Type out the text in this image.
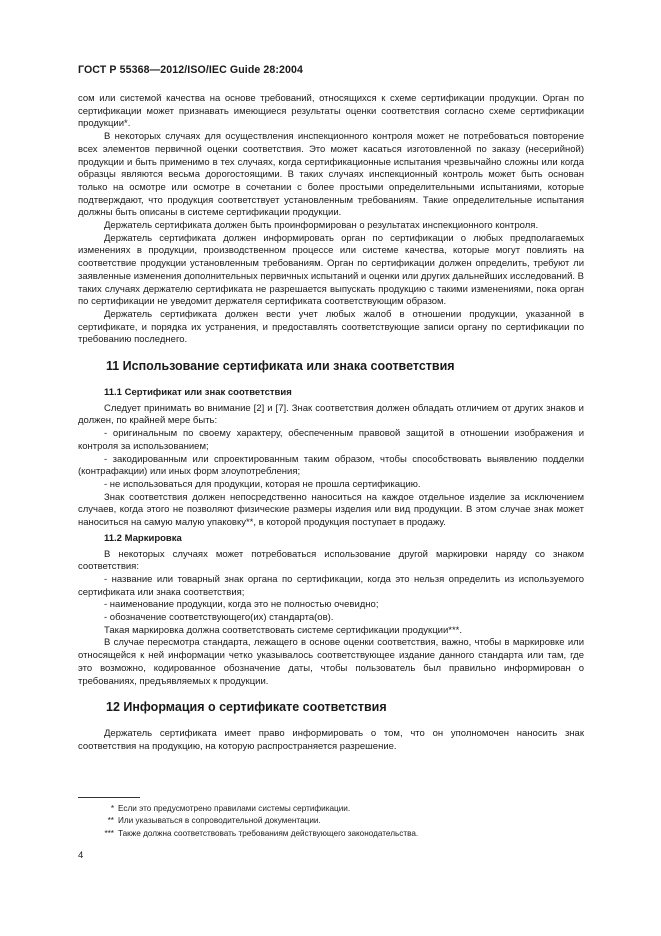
ГОСТ Р 55368—2012/ISO/IEC Guide 28:2004

сом или системой качества на основе требований, относящихся к схеме сертификации продукции. Орган по сертификации может признавать имеющиеся результаты оценки соответствия согласно схеме сертификации продукции*.

В некоторых случаях для осуществления инспекционного контроля может не потребоваться повторение всех элементов первичной оценки соответствия. Это может касаться изготовленной по заказу (несерийной) продукции и быть применимо в тех случаях, когда сертификационные испытания чрезвычайно сложны или когда образцы являются весьма дорогостоящими. В таких случаях инспекционный контроль может быть основан только на осмотре или осмотре в сочетании с более простыми определительными испытаниями, которые подтверждают, что продукция соответствует установленным требованиям. Такие определительные испытания должны быть описаны в системе сертификации продукции.

Держатель сертификата должен быть проинформирован о результатах инспекционного контроля.

Держатель сертификата должен информировать орган по сертификации о любых предполагаемых изменениях в продукции, производственном процессе или системе качества, которые могут повлиять на соответствие продукции установленным требованиям. Орган по сертификации должен определить, требуют ли заявленные изменения дополнительных первичных испытаний и оценки или других дальнейших исследований. В таких случаях держателю сертификата не разрешается выпускать продукцию с такими изменениями, пока орган по сертификации не уведомит держателя сертификата соответствующим образом.

Держатель сертификата должен вести учет любых жалоб в отношении продукции, указанной в сертификате, и порядка их устранения, и предоставлять соответствующие записи органу по сертификации по требованию последнего.

11 Использование сертификата или знака соответствия
11.1 Сертификат или знак соответствия

Следует принимать во внимание [2] и [7]. Знак соответствия должен обладать отличием от других знаков и должен, по крайней мере быть:

- оригинальным по своему характеру, обеспеченным правовой защитой в отношении изображения и контроля за использованием;

- закодированным или спроектированным таким образом, чтобы способствовать выявлению подделки (контрафакции) или иных форм злоупотребления;

- не использоваться для продукции, которая не прошла сертификацию.

Знак соответствия должен непосредственно наноситься на каждое отдельное изделие за исключением случаев, когда этого не позволяют физические размеры изделия или вид продукции. В этом случае знак может наноситься на самую малую упаковку**, в которой продукция поступает в продажу.

11.2 Маркировка

В некоторых случаях может потребоваться использование другой маркировки наряду со знаком соответствия:

- название или товарный знак органа по сертификации, когда это нельзя определить из используемого сертификата или знака соответствия;

- наименование продукции, когда это не полностью очевидно;

- обозначение соответствующего(их) стандарта(ов).

Такая маркировка должна соответствовать системе сертификации продукции***.

В случае пересмотра стандарта, лежащего в основе оценки соответствия, важно, чтобы в маркировке или относящейся к ней информации четко указывалось соответствующее издание данного стандарта или там, где это возможно, кодированное обозначение даты, чтобы пользователь был правильно информирован о требованиях, предъявляемых к продукции.

12 Информация о сертификате соответствия

Держатель сертификата имеет право информировать о том, что он уполномочен наносить знак соответствия на продукцию, на которую распространяется разрешение.

* Если это предусмотрено правилами системы сертификации.
** Или указываться в сопроводительной документации.
*** Также должна соответствовать требованиям действующего законодательства.
4
